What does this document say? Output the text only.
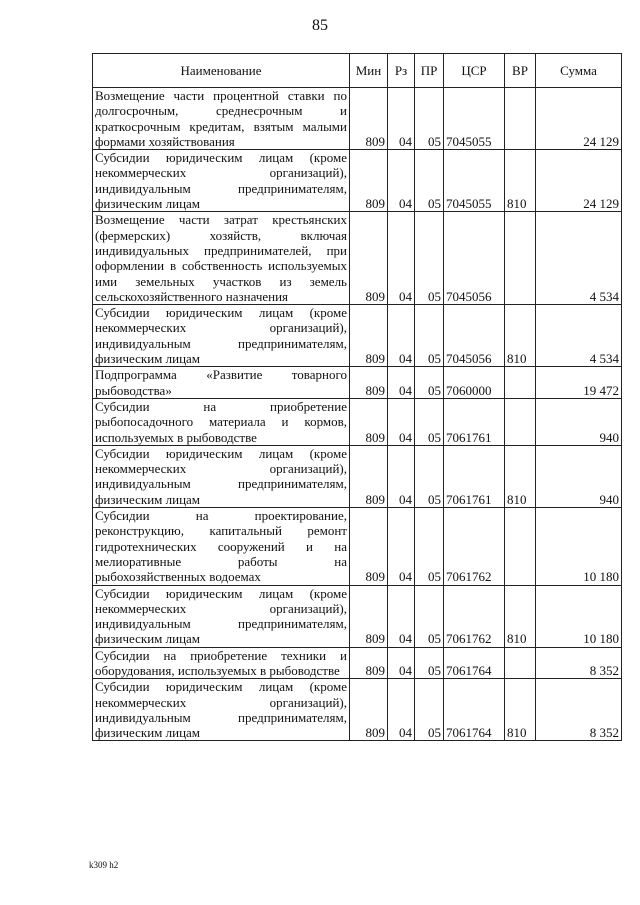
85
Наименование	Мин	Рз	ПР	ЦСР	ВР	Сумма
Возмещение части процентной ставки по долгосрочным, среднесрочным и краткосрочным кредитам, взятым малыми формами хозяйствования	809	04	05	7045055		24 129
Субсидии юридическим лицам (кроме некоммерческих организаций), индивидуальным предпринимателям, физическим лицам	809	04	05	7045055	810	24 129
Возмещение части затрат крестьянских (фермерских) хозяйств, включая индивидуальных предпринимателей, при оформлении в собственность используемых ими земельных участков из земель сельскохозяйственного назначения	809	04	05	7045056		4 534
Субсидии юридическим лицам (кроме некоммерческих организаций), индивидуальным предпринимателям, физическим лицам	809	04	05	7045056	810	4 534
Подпрограмма «Развитие товарного рыбоводства»	809	04	05	7060000		19 472
Субсидии на приобретение рыбопосадочного материала и кормов, используемых в рыбоводстве	809	04	05	7061761		940
Субсидии юридическим лицам (кроме некоммерческих организаций), индивидуальным предпринимателям, физическим лицам	809	04	05	7061761	810	940
Субсидии на проектирование, реконструкцию, капитальный ремонт гидротехнических сооружений и на мелиоративные работы на рыбохозяйственных водоемах	809	04	05	7061762		10 180
Субсидии юридическим лицам (кроме некоммерческих организаций), индивидуальным предпринимателям, физическим лицам	809	04	05	7061762	810	10 180
Субсидии на приобретение техники и оборудования, используемых в рыбоводстве	809	04	05	7061764		8 352
Субсидии юридическим лицам (кроме некоммерческих организаций), индивидуальным предпринимателям, физическим лицам	809	04	05	7061764	810	8 352
k309 h2
